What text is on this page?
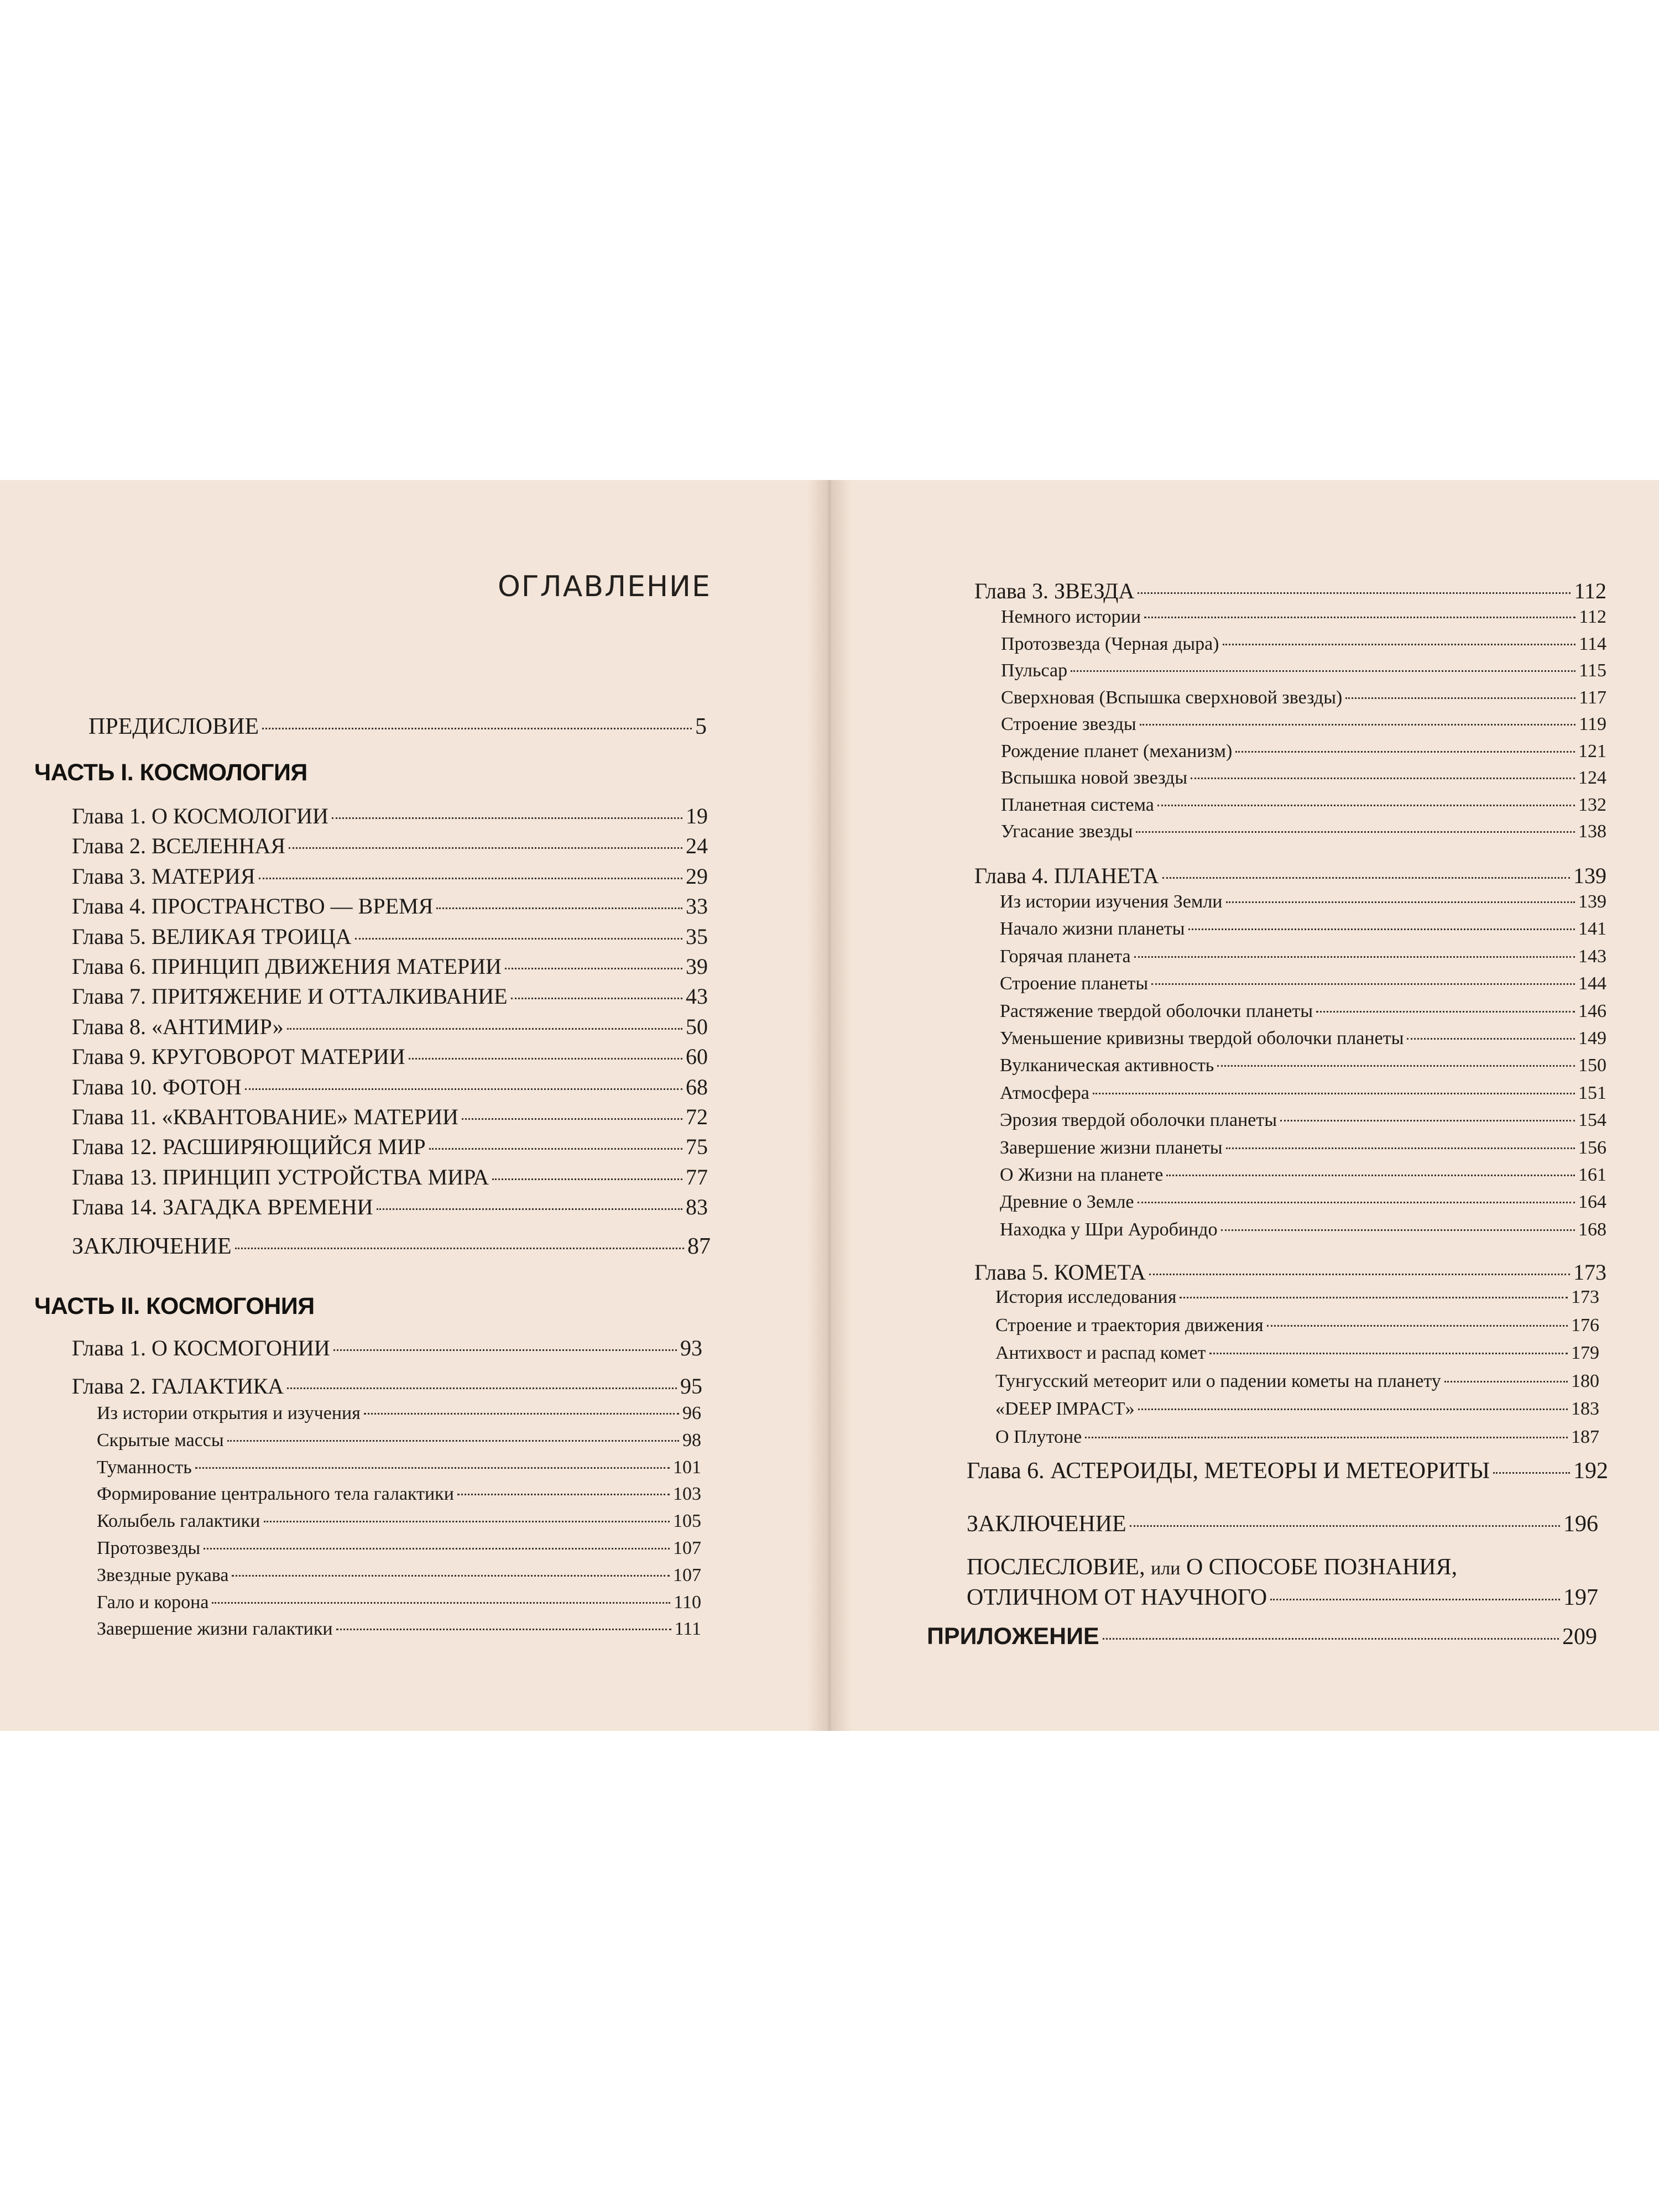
ОГЛАВЛЕНИЕ
ПРЕДИСЛОВИЕ	5
ЧАСТЬ I. КОСМОЛОГИЯ
Глава 1. О КОСМОЛОГИИ	19
Глава 2. ВСЕЛЕННАЯ	24
Глава 3. МАТЕРИЯ	29
Глава 4. ПРОСТРАНСТВО — ВРЕМЯ	33
Глава 5. ВЕЛИКАЯ ТРОИЦА	35
Глава 6. ПРИНЦИП ДВИЖЕНИЯ МАТЕРИИ	39
Глава 7. ПРИТЯЖЕНИЕ И ОТТАЛКИВАНИЕ	43
Глава 8. «АНТИМИР»	50
Глава 9. КРУГОВОРОТ МАТЕРИИ	60
Глава 10. ФОТОН	68
Глава 11. «КВАНТОВАНИЕ» МАТЕРИИ	72
Глава 12. РАСШИРЯЮЩИЙСЯ МИР	75
Глава 13. ПРИНЦИП УСТРОЙСТВА МИРА	77
Глава 14. ЗАГАДКА ВРЕМЕНИ	83
ЗАКЛЮЧЕНИЕ	87
ЧАСТЬ II. КОСМОГОНИЯ
Глава 1. О КОСМОГОНИИ	93
Глава 2. ГАЛАКТИКА	95
Из истории открытия и изучения	96
Скрытые массы	98
Туманность	101
Формирование центрального тела галактики	103
Колыбель галактики	105
Протозвезды	107
Звездные рукава	107
Гало и корона	110
Завершение жизни галактики	111
Глава 3. ЗВЕЗДА	112
Немного истории	112
Протозвезда (Черная дыра)	114
Пульсар	115
Сверхновая (Вспышка сверхновой звезды)	117
Строение звезды	119
Рождение планет (механизм)	121
Вспышка новой звезды	124
Планетная система	132
Угасание звезды	138
Глава 4. ПЛАНЕТА	139
Из истории изучения Земли	139
Начало жизни планеты	141
Горячая планета	143
Строение планеты	144
Растяжение твердой оболочки планеты	146
Уменьшение кривизны твердой оболочки планеты	149
Вулканическая активность	150
Атмосфера	151
Эрозия твердой оболочки планеты	154
Завершение жизни планеты	156
О Жизни на планете	161
Древние о Земле	164
Находка у Шри Ауробиндо	168
Глава 5. КОМЕТА	173
История исследования	173
Строение и траектория движения	176
Антихвост и распад комет	179
Тунгусский метеорит или о падении кометы на планету	180
«DEEP IMPACT»	183
О Плутоне	187
Глава 6. АСТЕРОИДЫ, МЕТЕОРЫ И МЕТЕОРИТЫ	192
ЗАКЛЮЧЕНИЕ	196
ПОСЛЕСЛОВИЕ, или О СПОСОБЕ ПОЗНАНИЯ,
ОТЛИЧНОМ ОТ НАУЧНОГО	197
ПРИЛОЖЕНИЕ	209
